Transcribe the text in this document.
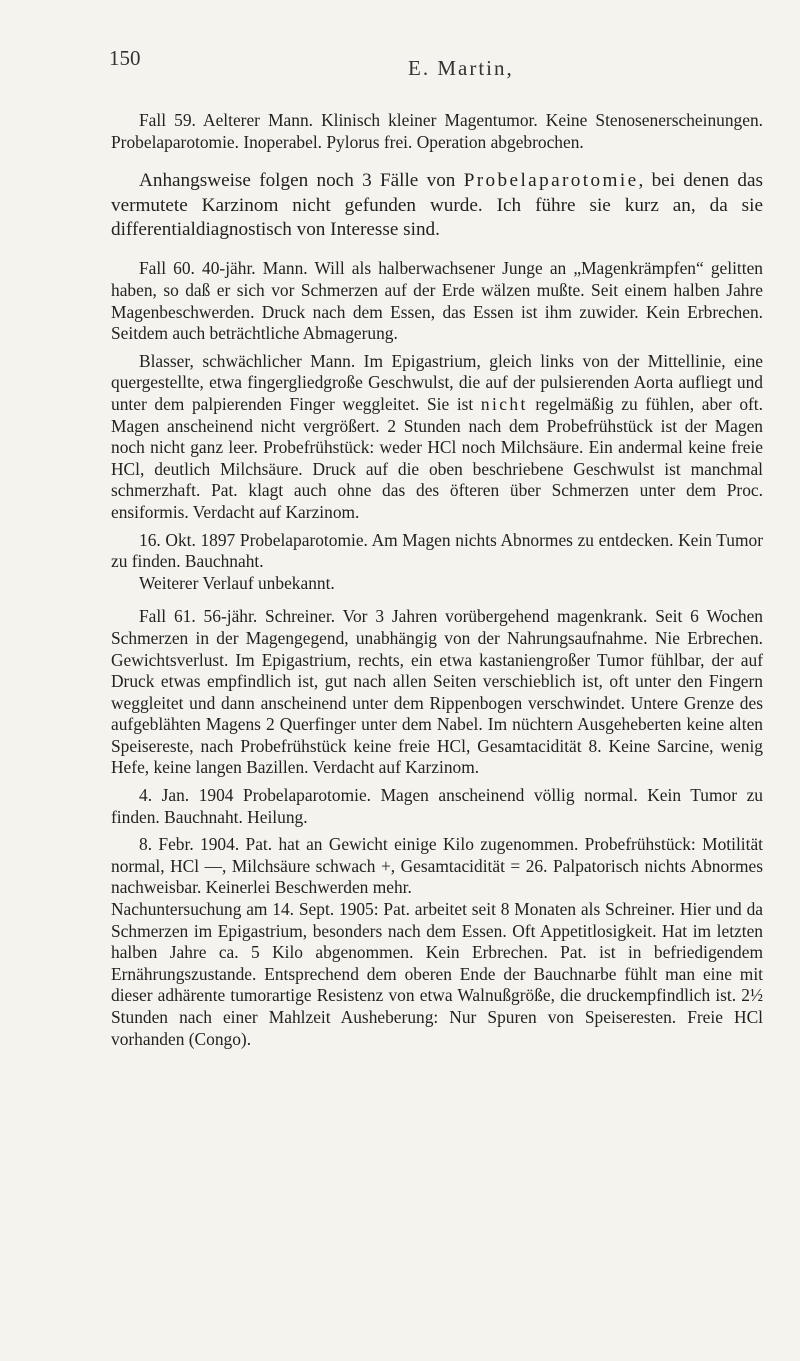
150	E. Martin,

Fall 59. Aelterer Mann. Klinisch kleiner Magentumor. Keine Stenosenerscheinungen. Probelaparotomie. Inoperabel. Pylorus frei. Operation abgebrochen.

Anhangsweise folgen noch 3 Fälle von Probelaparotomie, bei denen das vermutete Karzinom nicht gefunden wurde. Ich führe sie kurz an, da sie differentialdiagnostisch von Interesse sind.

Fall 60. 40-jähr. Mann. Will als halberwachsener Junge an „Magenkrämpfen“ gelitten haben, so daß er sich vor Schmerzen auf der Erde wälzen mußte. Seit einem halben Jahre Magenbeschwerden. Druck nach dem Essen, das Essen ist ihm zuwider. Kein Erbrechen. Seitdem auch beträchtliche Abmagerung.

Blasser, schwächlicher Mann. Im Epigastrium, gleich links von der Mittellinie, eine quergestellte, etwa fingergliedgroße Geschwulst, die auf der pulsierenden Aorta aufliegt und unter dem palpierenden Finger weggleitet. Sie ist nicht regelmäßig zu fühlen, aber oft. Magen anscheinend nicht vergrößert. 2 Stunden nach dem Probefrühstück ist der Magen noch nicht ganz leer. Probefrühstück: weder HCl noch Milchsäure. Ein andermal keine freie HCl, deutlich Milchsäure. Druck auf die oben beschriebene Geschwulst ist manchmal schmerzhaft. Pat. klagt auch ohne das des öfteren über Schmerzen unter dem Proc. ensiformis. Verdacht auf Karzinom.

16. Okt. 1897 Probelaparotomie. Am Magen nichts Abnormes zu entdecken. Kein Tumor zu finden. Bauchnaht.

Weiterer Verlauf unbekannt.

Fall 61. 56-jähr. Schreiner. Vor 3 Jahren vorübergehend magenkrank. Seit 6 Wochen Schmerzen in der Magengegend, unabhängig von der Nahrungsaufnahme. Nie Erbrechen. Gewichtsverlust. Im Epigastrium, rechts, ein etwa kastaniengroßer Tumor fühlbar, der auf Druck etwas empfindlich ist, gut nach allen Seiten verschieblich ist, oft unter den Fingern weggleitet und dann anscheinend unter dem Rippenbogen verschwindet. Untere Grenze des aufgeblähten Magens 2 Querfinger unter dem Nabel. Im nüchtern Ausgeheberten keine alten Speisereste, nach Probefrühstück keine freie HCl, Gesamtacidität 8. Keine Sarcine, wenig Hefe, keine langen Bazillen. Verdacht auf Karzinom.

4. Jan. 1904 Probelaparotomie. Magen anscheinend völlig normal. Kein Tumor zu finden. Bauchnaht. Heilung.

8. Febr. 1904. Pat. hat an Gewicht einige Kilo zugenommen. Probefrühstück: Motilität normal, HCl —, Milchsäure schwach +, Gesamtacidität = 26. Palpatorisch nichts Abnormes nachweisbar. Keinerlei Beschwerden mehr.

Nachuntersuchung am 14. Sept. 1905: Pat. arbeitet seit 8 Monaten als Schreiner. Hier und da Schmerzen im Epigastrium, besonders nach dem Essen. Oft Appetitlosigkeit. Hat im letzten halben Jahre ca. 5 Kilo abgenommen. Kein Erbrechen. Pat. ist in befriedigendem Ernährungszustande. Entsprechend dem oberen Ende der Bauchnarbe fühlt man eine mit dieser adhärente tumorartige Resistenz von etwa Walnußgröße, die druckempfindlich ist. 2½ Stunden nach einer Mahlzeit Ausheberung: Nur Spuren von Speiseresten. Freie HCl vorhanden (Congo).
